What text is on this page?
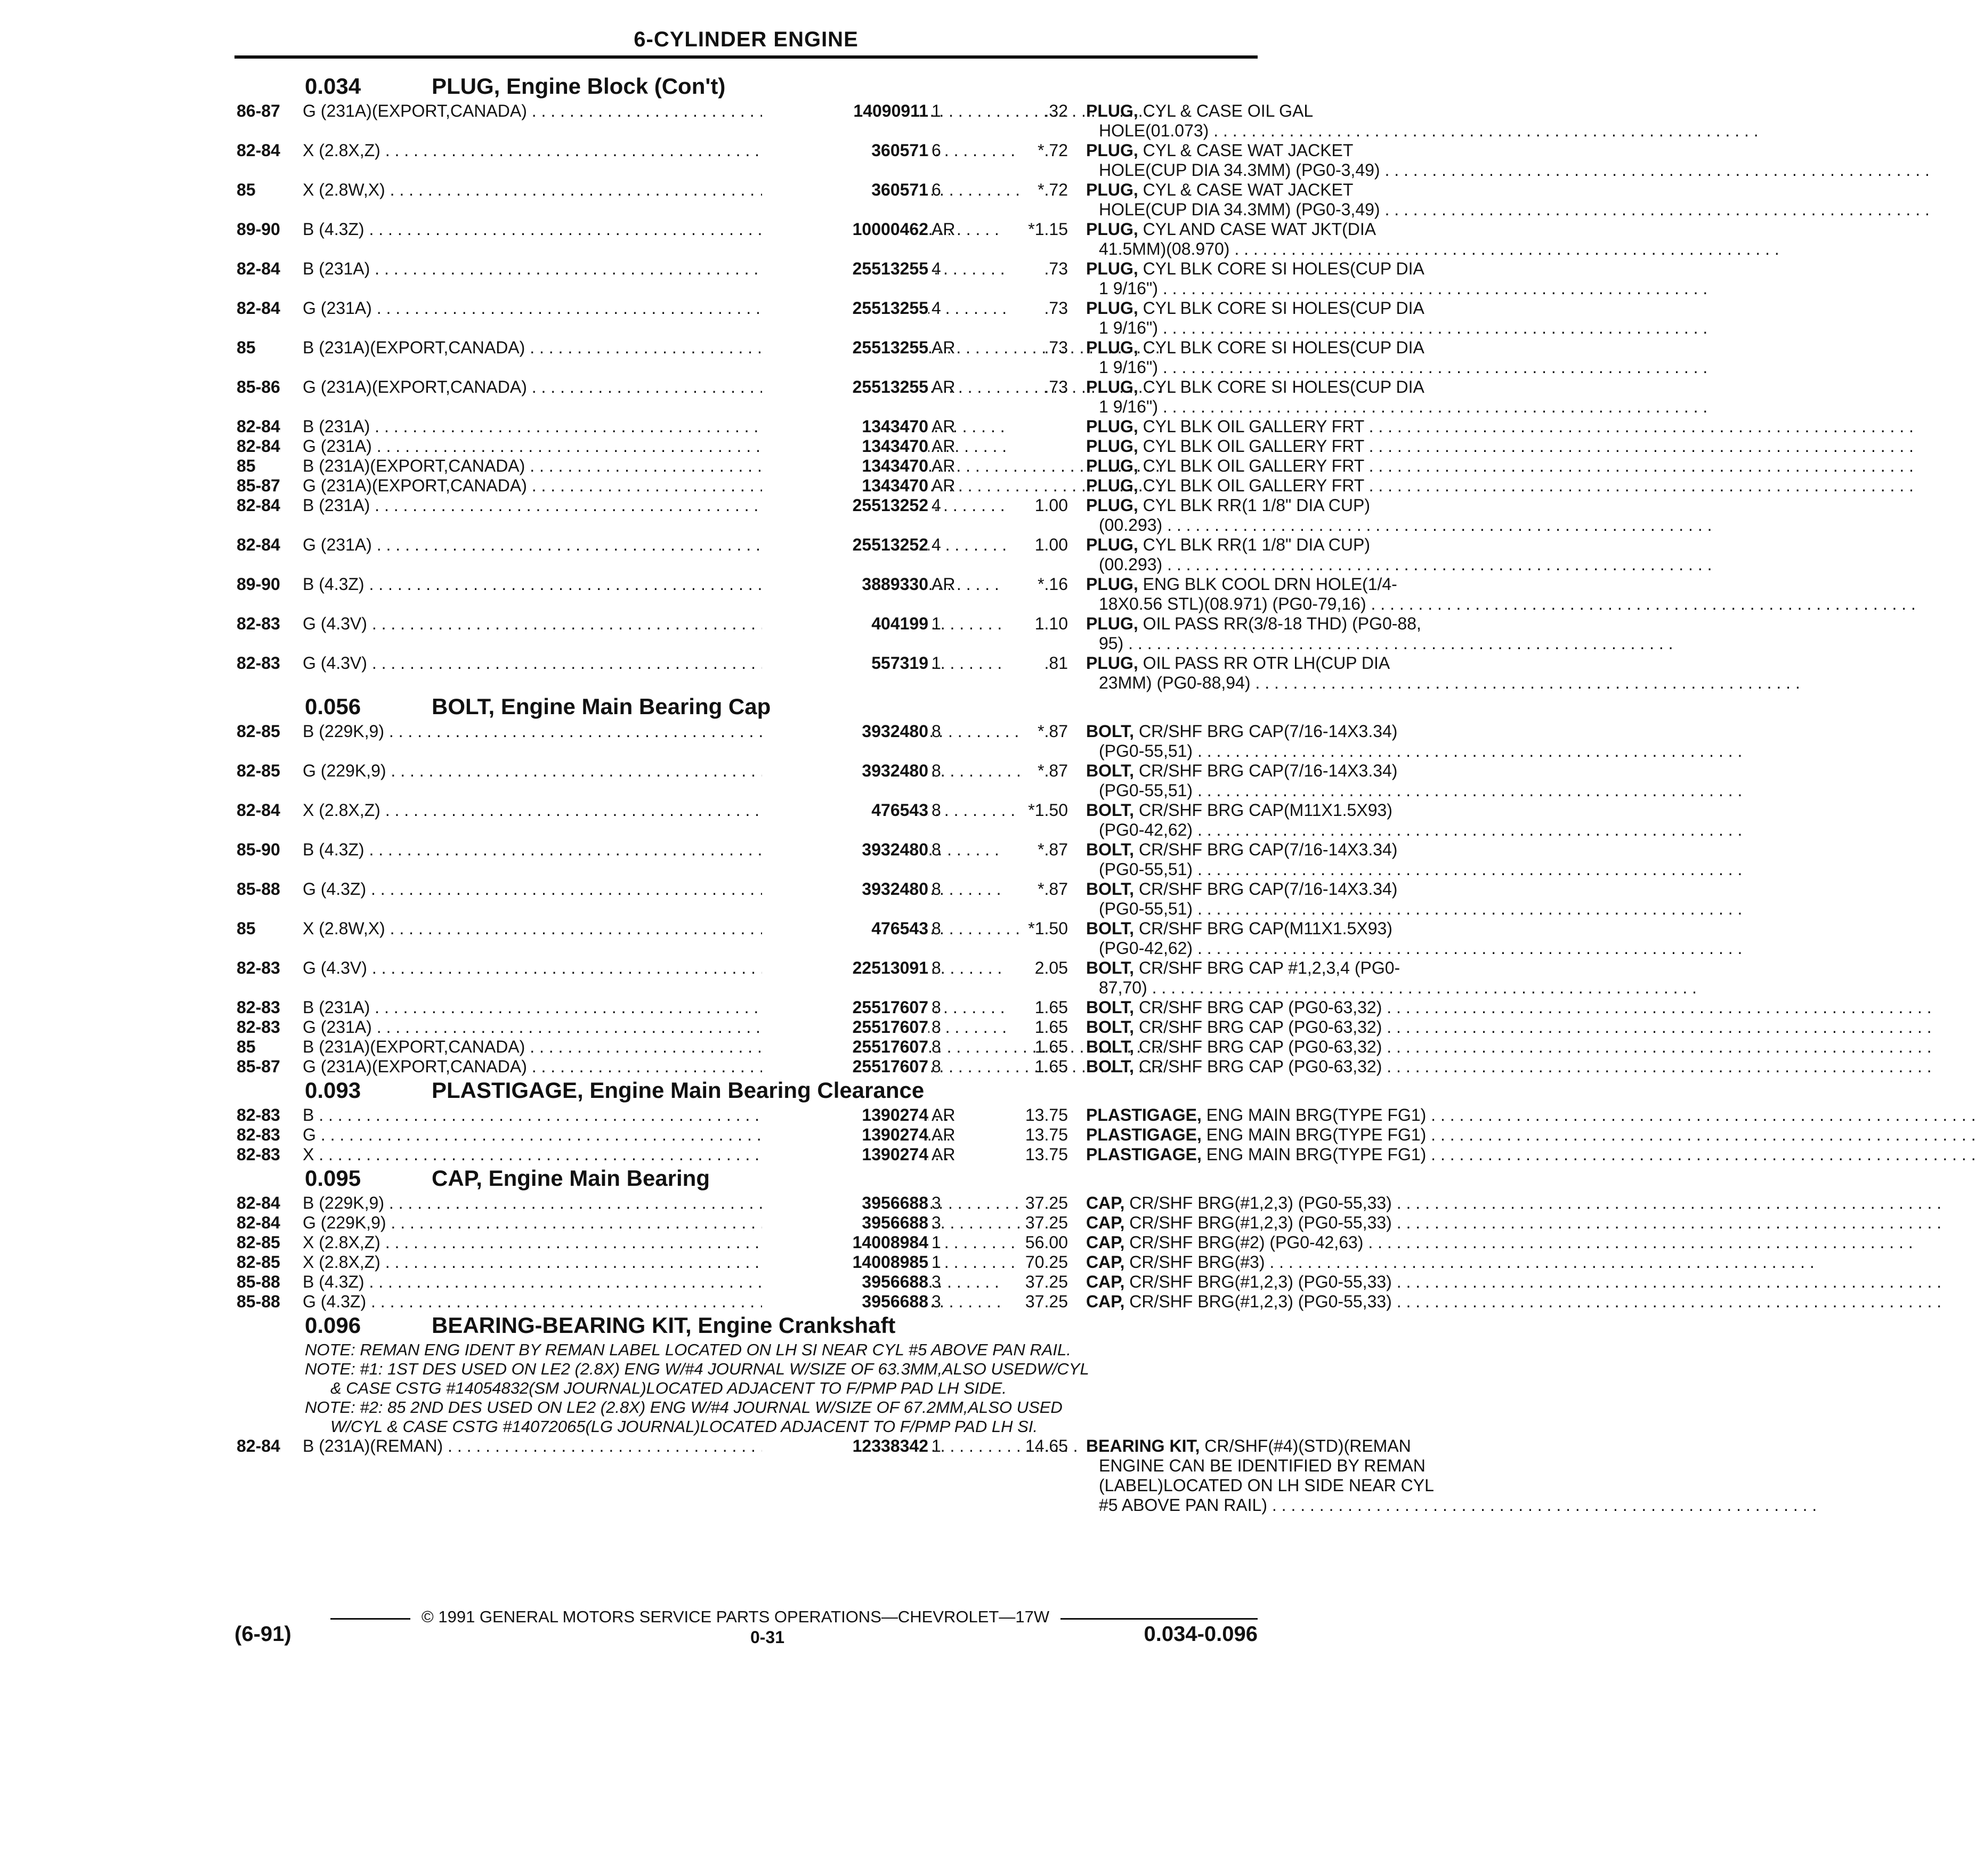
6-CYLINDER ENGINE
0.034	PLUG, Engine Block (Con't)
86-87 G (231A)(EXPORT,CANADA) . . .	14090911 1	.32 PLUG, CYL & CASE OIL GAL
HOLE(01.073) . . .
82-84 X (2.8X,Z) . . .	360571 6	*.72 PLUG, CYL & CASE WAT JACKET
HOLE(CUP DIA 34.3MM) (PG0-3,49) . . .
85	X (2.8W,X) . . .	360571 6	*.72 PLUG, CYL & CASE WAT JACKET
HOLE(CUP DIA 34.3MM) (PG0-3,49) . . .
89-90 B (4.3Z) . . .	10000462 AR	*1.15 PLUG, CYL AND CASE WAT JKT(DIA
41.5MM)(08.970) . . .
82-84 B (231A) . . .	25513255 4	.73 PLUG, CYL BLK CORE SI HOLES(CUP DIA
1 9/16") . . .
82-84 G (231A) . . .	25513255 4	.73 PLUG, CYL BLK CORE SI HOLES(CUP DIA
1 9/16") . . .
85	B (231A)(EXPORT,CANADA) . . .	25513255 AR	.73 PLUG, CYL BLK CORE SI HOLES(CUP DIA
1 9/16") . . .
85-86 G (231A)(EXPORT,CANADA) . . .	25513255 AR	.73 PLUG, CYL BLK CORE SI HOLES(CUP DIA
1 9/16") . . .
82-84 B (231A) . . .	1343470 AR	PLUG, CYL BLK OIL GALLERY FRT . . .
82-84 G (231A) . . .	1343470 AR	PLUG, CYL BLK OIL GALLERY FRT . . .
85	B (231A)(EXPORT,CANADA) . . .	1343470 AR	PLUG, CYL BLK OIL GALLERY FRT . . .
85-87 G (231A)(EXPORT,CANADA) . . .	1343470 AR	PLUG, CYL BLK OIL GALLERY FRT . . .
82-84 B (231A) . . .	25513252 4	1.00 PLUG, CYL BLK RR(1 1/8" DIA CUP)
(00.293) . . .
82-84 G (231A) . . .	25513252 4	1.00 PLUG, CYL BLK RR(1 1/8" DIA CUP)
(00.293) . . .
89-90 B (4.3Z) . . .	3889330 AR	*.16 PLUG, ENG BLK COOL DRN HOLE(1/4-
18X0.56 STL)(08.971) (PG0-79,16) . . .
82-83 G (4.3V) . . .	404199 1	1.10 PLUG, OIL PASS RR(3/8-18 THD) (PG0-88,
95) . . .
82-83 G (4.3V) . . .	557319 1	.81 PLUG, OIL PASS RR OTR LH(CUP DIA
23MM) (PG0-88,94) . . .
0.056	BOLT, Engine Main Bearing Cap
82-85 B (229K,9) . . .	3932480 8	*.87 BOLT, CR/SHF BRG CAP(7/16-14X3.34)
(PG0-55,51) . . .
82-85 G (229K,9) . . .	3932480 8	*.87 BOLT, CR/SHF BRG CAP(7/16-14X3.34)
(PG0-55,51) . . .
82-84 X (2.8X,Z) . . .	476543 8	*1.50 BOLT, CR/SHF BRG CAP(M11X1.5X93)
(PG0-42,62) . . .
85-90 B (4.3Z) . . .	3932480 8	*.87 BOLT, CR/SHF BRG CAP(7/16-14X3.34)
(PG0-55,51) . . .
85-88 G (4.3Z) . . .	3932480 8	*.87 BOLT, CR/SHF BRG CAP(7/16-14X3.34)
(PG0-55,51) . . .
85	X (2.8W,X) . . .	476543 8	*1.50 BOLT, CR/SHF BRG CAP(M11X1.5X93)
(PG0-42,62) . . .
82-83 G (4.3V) . . .	22513091 8	2.05 BOLT, CR/SHF BRG CAP #1,2,3,4 (PG0-
87,70) . . .
82-83 B (231A) . . .	25517607 8	1.65 BOLT, CR/SHF BRG CAP (PG0-63,32) . . .
82-83 G (231A) . . .	25517607 8	1.65 BOLT, CR/SHF BRG CAP (PG0-63,32) . . .
85	B (231A)(EXPORT,CANADA) . . .	25517607 8	1.65 BOLT, CR/SHF BRG CAP (PG0-63,32) . . .
85-87 G (231A)(EXPORT,CANADA) . . .	25517607 8	1.65 BOLT, CR/SHF BRG CAP (PG0-63,32) . . .
0.093	PLASTIGAGE, Engine Main Bearing Clearance
82-83 B . . .	1390274 AR	13.75 PLASTIGAGE, ENG MAIN BRG(TYPE FG1) . . .
82-83 G . . .	1390274 AR	13.75 PLASTIGAGE, ENG MAIN BRG(TYPE FG1) . . .
82-83 X . . .	1390274 AR	13.75 PLASTIGAGE, ENG MAIN BRG(TYPE FG1) . . .
0.095	CAP, Engine Main Bearing
82-84 B (229K,9) . . .	3956688 3	37.25 CAP, CR/SHF BRG(#1,2,3) (PG0-55,33) . . .
82-84 G (229K,9) . . .	3956688 3	37.25 CAP, CR/SHF BRG(#1,2,3) (PG0-55,33) . . .
82-85 X (2.8X,Z) . . .	14008984 1	56.00 CAP, CR/SHF BRG(#2) (PG0-42,63) . . .
82-85 X (2.8X,Z) . . .	14008985 1	70.25 CAP, CR/SHF BRG(#3) . . .
85-88 B (4.3Z) . . .	3956688 3	37.25 CAP, CR/SHF BRG(#1,2,3) (PG0-55,33) . . .
85-88 G (4.3Z) . . .	3956688 3	37.25 CAP, CR/SHF BRG(#1,2,3) (PG0-55,33) . . .
0.096	BEARING-BEARING KIT, Engine Crankshaft
NOTE: REMAN ENG IDENT BY REMAN LABEL LOCATED ON LH SI NEAR CYL #5 ABOVE PAN RAIL.
NOTE: #1: 1ST DES USED ON LE2 (2.8X) ENG W/#4 JOURNAL W/SIZE OF 63.3MM,ALSO USEDW/CYL
& CASE CSTG #14054832(SM JOURNAL)LOCATED ADJACENT TO F/PMP PAD LH SIDE.
NOTE: #2: 85 2ND DES USED ON LE2 (2.8X) ENG W/#4 JOURNAL W/SIZE OF 67.2MM,ALSO USED
W/CYL & CASE CSTG #14072065(LG JOURNAL)LOCATED ADJACENT TO F/PMP PAD LH SI.
82-84 B (231A)(REMAN) . . .	12338342 1	14.65 BEARING KIT, CR/SHF(#4)(STD)(REMAN
ENGINE CAN BE IDENTIFIED BY REMAN
(LABEL)LOCATED ON LH SIDE NEAR CYL
#5 ABOVE PAN RAIL) . . .
© 1991 GENERAL MOTORS SERVICE PARTS OPERATIONS—CHEVROLET—17W
(6-91)	0-31	0.034-0.096
